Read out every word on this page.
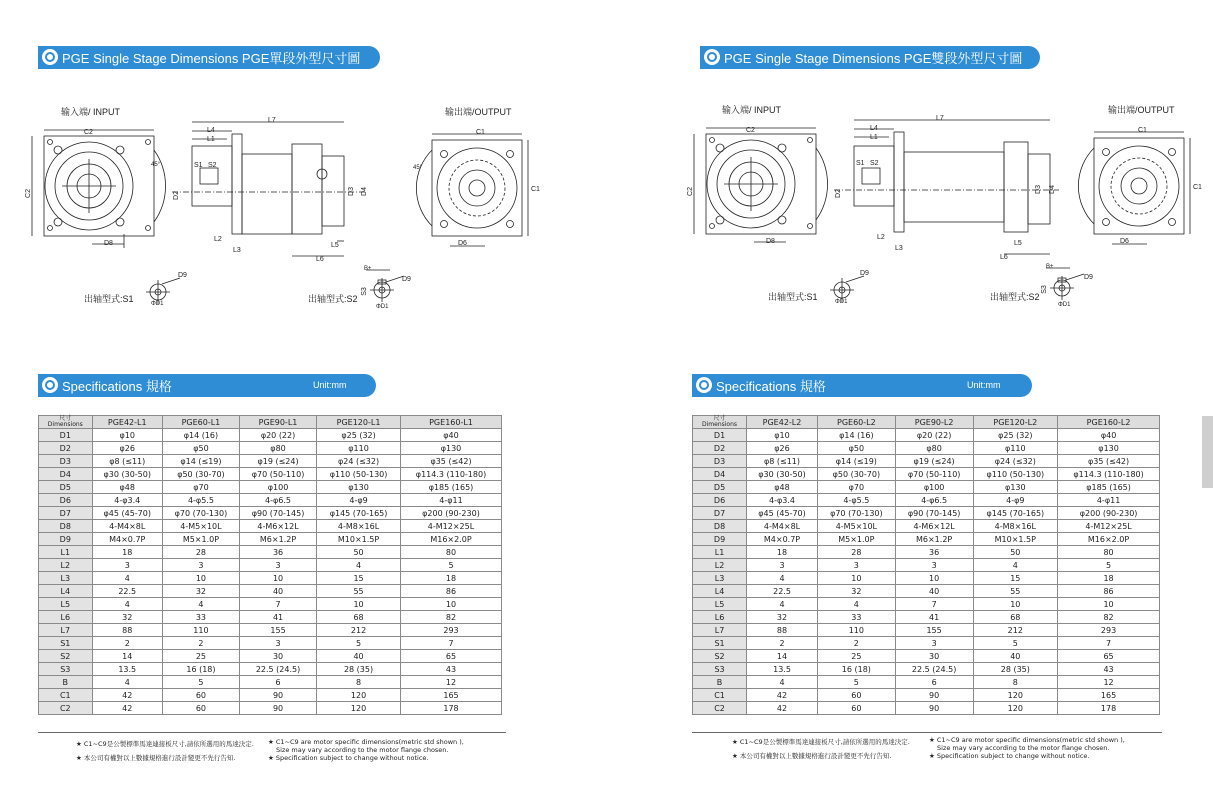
PGE Single Stage Dimensions PGE單段外型尺寸圖
输入端/ INPUT	输出端/OUTPUT
C2
C2
D8
45°
L7
L4
L1
S1 S2
D2	D3 D4
L2
L3
L5
L6
C1
C1
D6
45°
出轴型式:S1
D9
ΦD1	出轴型式:S2
B±
D9
S3
ΦD1
Specifications 規格	Unit:mm
尺寸
Dimensions	PGE42-L1	PGE60-L1	PGE90-L1	PGE120-L1	PGE160-L1
D1	φ10	φ14 (16)	φ20 (22)	φ25 (32)	φ40
D2	φ26	φ50	φ80	φ110	φ130
D3	φ8 (≤11)	φ14 (≤19)	φ19 (≤24)	φ24 (≤32)	φ35 (≤42)
D4	φ30 (30-50)	φ50 (30-70)	φ70 (50-110)	φ110 (50-130)	φ114.3 (110-180)
D5	φ48	φ70	φ100	φ130	φ185 (165)
D6	4-φ3.4	4-φ5.5	4-φ6.5	4-φ9	4-φ11
D7	φ45 (45-70)	φ70 (70-130)	φ90 (70-145)	φ145 (70-165)	φ200 (90-230)
D8	4-M4×8L	4-M5×10L	4-M6×12L	4-M8×16L	4-M12×25L
D9	M4×0.7P	M5×1.0P	M6×1.2P	M10×1.5P	M16×2.0P
L1	18	28	36	50	80
L2	3	3	3	4	5
L3	4	10	10	15	18
L4	22.5	32	40	55	86
L5	4	4	7	10	10
L6	32	33	41	68	82
L7	88	110	155	212	293
S1	2	2	3	5	7
S2	14	25	30	40	65
S3	13.5	16 (18)	22.5 (24.5)	28 (35)	43
B	4	5	6	8	12
C1	42	60	90	120	165
C2	42	60	90	120	178
★ C1~C9是公製標準馬達連接板尺寸,請依所選用的馬達決定.
★ 本公司有權對以上數據規格進行設計變更不先行告知.
★ C1~C9 are motor specific dimensions(metric std shown ),
Size may vary according to the motor flange chosen.
★ Specification subject to change without notice.
PGE Single Stage Dimensions PGE雙段外型尺寸圖
输入端/ INPUT	输出端/OUTPUT
C2
C2
D8
L7
L4
L1
S1 S2
D2	D3 D4
L2
L3
L5
L6
C1
C1
D6
出轴型式:S1
D9
ΦD1	出轴型式:S2
B±
D9
S3
ΦD1
Specifications 規格	Unit:mm
尺寸
Dimensions	PGE42-L2	PGE60-L2	PGE90-L2	PGE120-L2	PGE160-L2
D1	φ10	φ14 (16)	φ20 (22)	φ25 (32)	φ40
D2	φ26	φ50	φ80	φ110	φ130
D3	φ8 (≤11)	φ14 (≤19)	φ19 (≤24)	φ24 (≤32)	φ35 (≤42)
D4	φ30 (30-50)	φ50 (30-70)	φ70 (50-110)	φ110 (50-130)	φ114.3 (110-180)
D5	φ48	φ70	φ100	φ130	φ185 (165)
D6	4-φ3.4	4-φ5.5	4-φ6.5	4-φ9	4-φ11
D7	φ45 (45-70)	φ70 (70-130)	φ90 (70-145)	φ145 (70-165)	φ200 (90-230)
D8	4-M4×8L	4-M5×10L	4-M6×12L	4-M8×16L	4-M12×25L
D9	M4×0.7P	M5×1.0P	M6×1.2P	M10×1.5P	M16×2.0P
L1	18	28	36	50	80
L2	3	3	3	4	5
L3	4	10	10	15	18
L4	22.5	32	40	55	86
L5	4	4	7	10	10
L6	32	33	41	68	82
L7	88	110	155	212	293
S1	2	2	3	5	7
S2	14	25	30	40	65
S3	13.5	16 (18)	22.5 (24.5)	28 (35)	43
B	4	5	6	8	12
C1	42	60	90	120	165
C2	42	60	90	120	178
★ C1~C9是公製標準馬達連接板尺寸,請依所選用的馬達決定.
★ 本公司有權對以上數據規格進行設計變更不先行告知.
★ C1~C9 are motor specific dimensions(metric std shown ),
Size may vary according to the motor flange chosen.
★ Specification subject to change without notice.
